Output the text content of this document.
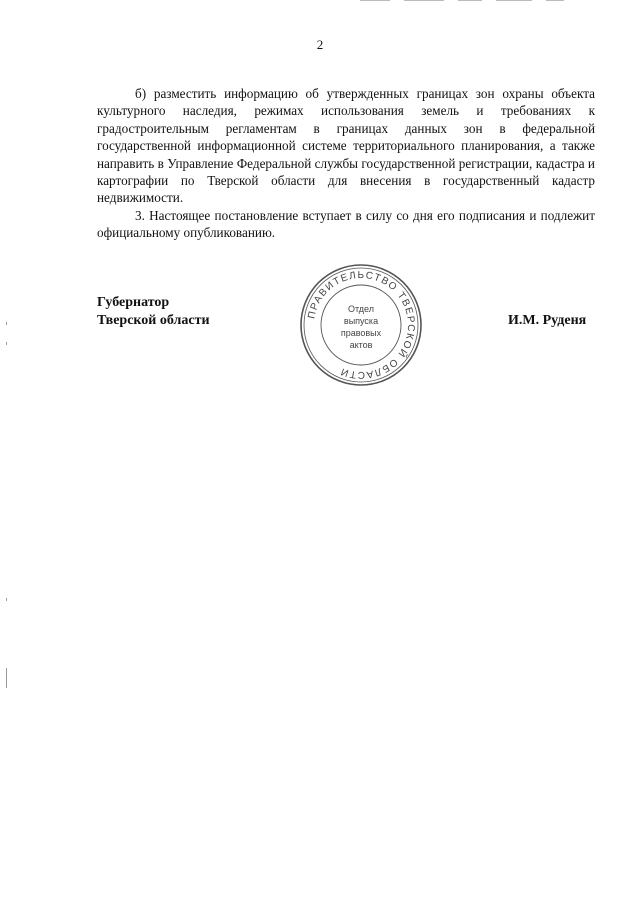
2

б) разместить информацию об утвержденных границах зон охраны объекта культурного наследия, режимах использования земель и требованиях к градостроительным регламентам в границах данных зон в федеральной государственной информационной системе территориального планирования, а также направить в Управление Федеральной службы государственной регистрации, кадастра и картографии по Тверской области для внесения в государственный кадастр недвижимости.

3. Настоящее постановление вступает в силу со дня его подписания и подлежит официальному опубликованию.

Губернатор
Тверской области	ПРАВИТЕЛЬСТВО ТВЕРСКОЙ ОБЛАСТИ
Отдел
выпуска
правовых
актов
И.М. Руденя
